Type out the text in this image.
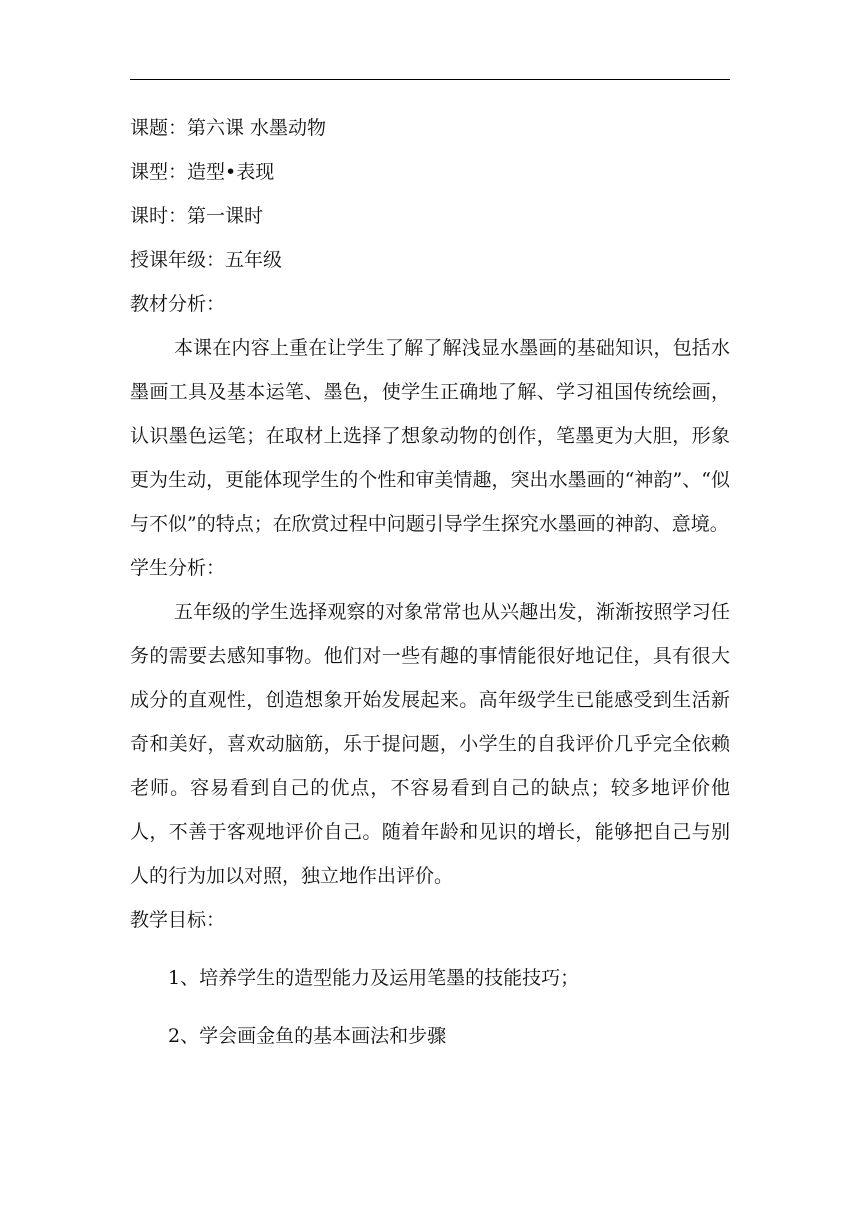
课题：第六课 水墨动物
课型：造型•表现
课时：第一课时
授课年级：五年级
教材分析：

本课在内容上重在让学生了解了解浅显水墨画的基础知识，包括水墨画工具及基本运笔、墨色，使学生正确地了解、学习祖国传统绘画，认识墨色运笔；在取材上选择了想象动物的创作，笔墨更为大胆，形象更为生动，更能体现学生的个性和审美情趣，突出水墨画的“神韵”、“似与不似”的特点；在欣赏过程中问题引导学生探究水墨画的神韵、意境。

学生分析：

五年级的学生选择观察的对象常常也从兴趣出发，渐渐按照学习任务的需要去感知事物。他们对一些有趣的事情能很好地记住，具有很大成分的直观性，创造想象开始发展起来。高年级学生已能感受到生活新奇和美好，喜欢动脑筋，乐于提问题，小学生的自我评价几乎完全依赖老师。容易看到自己的优点，不容易看到自己的缺点；较多地评价他人，不善于客观地评价自己。随着年龄和见识的增长，能够把自己与别人的行为加以对照，独立地作出评价。

教学目标：
1、培养学生的造型能力及运用笔墨的技能技巧；
2、学会画金鱼的基本画法和步骤
